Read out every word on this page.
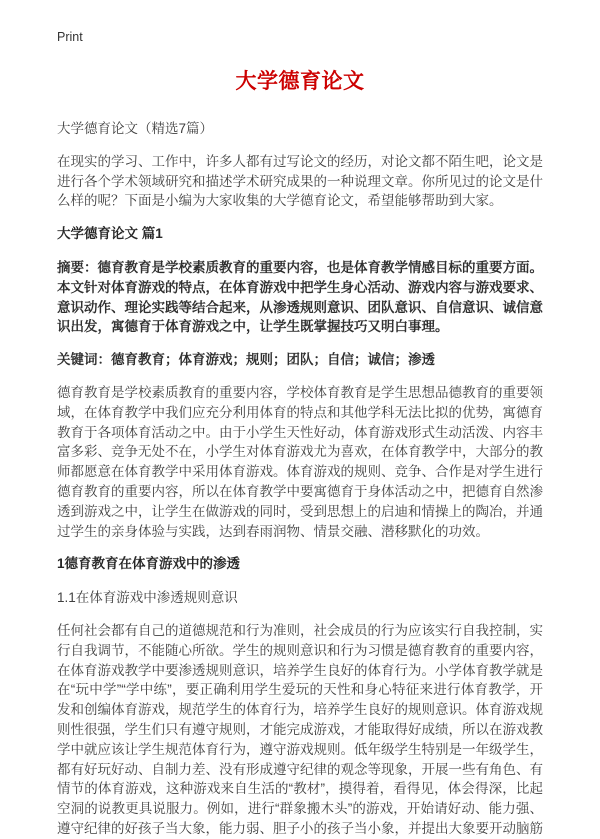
Print
大学德育论文

大学德育论文（精选7篇）

在现实的学习、工作中，许多人都有过写论文的经历，对论文都不陌生吧，论文是进行各个学术领域研究和描述学术研究成果的一种说理文章。你所见过的论文是什么样的呢？下面是小编为大家收集的大学德育论文，希望能够帮助到大家。

大学德育论文 篇1

摘要：德育教育是学校素质教育的重要内容，也是体育教学情感目标的重要方面。本文针对体育游戏的特点，在体育游戏中把学生身心活动、游戏内容与游戏要求、意识动作、理论实践等结合起来，从渗透规则意识、团队意识、自信意识、诚信意识出发，寓德育于体育游戏之中，让学生既掌握技巧又明白事理。

关键词：德育教育；体育游戏；规则；团队；自信；诚信；渗透

德育教育是学校素质教育的重要内容，学校体育教育是学生思想品德教育的重要领域，在体育教学中我们应充分利用体育的特点和其他学科无法比拟的优势，寓德育教育于各项体育活动之中。由于小学生天性好动，体育游戏形式生动活泼、内容丰富多彩、竞争无处不在，小学生对体育游戏尤为喜欢，在体育教学中，大部分的教师都愿意在体育教学中采用体育游戏。体育游戏的规则、竞争、合作是对学生进行德育教育的重要内容，所以在体育教学中要寓德育于身体活动之中，把德育自然渗透到游戏之中，让学生在做游戏的同时，受到思想上的启迪和情操上的陶冶，并通过学生的亲身体验与实践，达到春雨润物、情景交融、潜移默化的功效。

1德育教育在体育游戏中的渗透

1.1在体育游戏中渗透规则意识

任何社会都有自己的道德规范和行为准则，社会成员的行为应该实行自我控制，实行自我调节，不能随心所欲。学生的规则意识和行为习惯是德育教育的重要内容，在体育游戏教学中要渗透规则意识，培养学生良好的体育行为。小学体育教学就是在“玩中学”“学中练”，要正确利用学生爱玩的天性和身心特征来进行体育教学，开发和创编体育游戏，规范学生的体育行为，培养学生良好的规则意识。体育游戏规则性很强，学生们只有遵守规则，才能完成游戏，才能取得好成绩，所以在游戏教学中就应该让学生规范体育行为，遵守游戏规则。低年级学生特别是一年级学生，都有好玩好动、自制力差、没有形成遵守纪律的观念等现象，开展一些有角色、有情节的体育游戏，这种游戏来自生活的“教材”，摸得着，看得见，体会得深，比起空洞的说教更具说服力。例如，进行“群象搬木头”的游戏，开始请好动、能力强、遵守纪律的好孩子当大象，能力弱、胆子小的孩子当小象，并提出大象要开动脑筋
